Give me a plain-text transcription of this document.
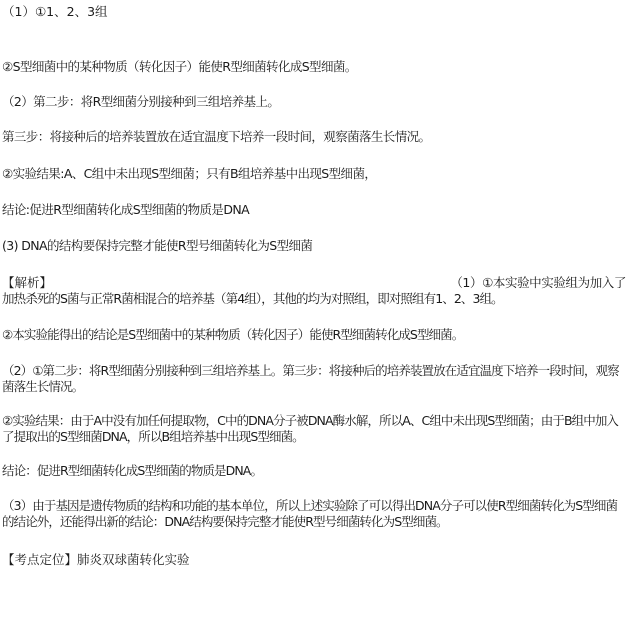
（1）①1、2、3组
②S型细菌中的某种物质（转化因子）能使R型细菌转化成S型细菌。
（2）第二步：将R型细菌分别接种到三组培养基上。
第三步：将接种后的培养装置放在适宜温度下培养一段时间，观察菌落生长情况。
②实验结果:A、C组中未出现S型细菌；只有B组培养基中出现S型细菌，
结论:促进R型细菌转化成S型细菌的物质是DNA
(3) DNA的结构要保持完整才能使R型号细菌转化为S型细菌
【解析】	（1）①本实验中实验组为加入了
加热杀死的S菌与正常R菌相混合的培养基（第4组），其他的均为对照组，即对照组有1、2、3组。
②本实验能得出的结论是S型细菌中的某种物质（转化因子）能使R型细菌转化成S型细菌。
（2）①第二步：将R型细菌分别接种到三组培养基上。第三步：将接种后的培养装置放在适宜温度下培养一段时间，观察菌落生长情况。
②实验结果：由于A中没有加任何提取物，C中的DNA分子被DNA酶水解，所以A、C组中未出现S型细菌；由于B组中加入了提取出的S型细菌DNA，所以B组培养基中出现S型细菌。
结论：促进R型细菌转化成S型细菌的物质是DNA。
（3）由于基因是遗传物质的结构和功能的基本单位，所以上述实验除了可以得出DNA分子可以使R型细菌转化为S型细菌的结论外，还能得出新的结论：DNA结构要保持完整才能使R型号细菌转化为S型细菌。
【考点定位】肺炎双球菌转化实验
